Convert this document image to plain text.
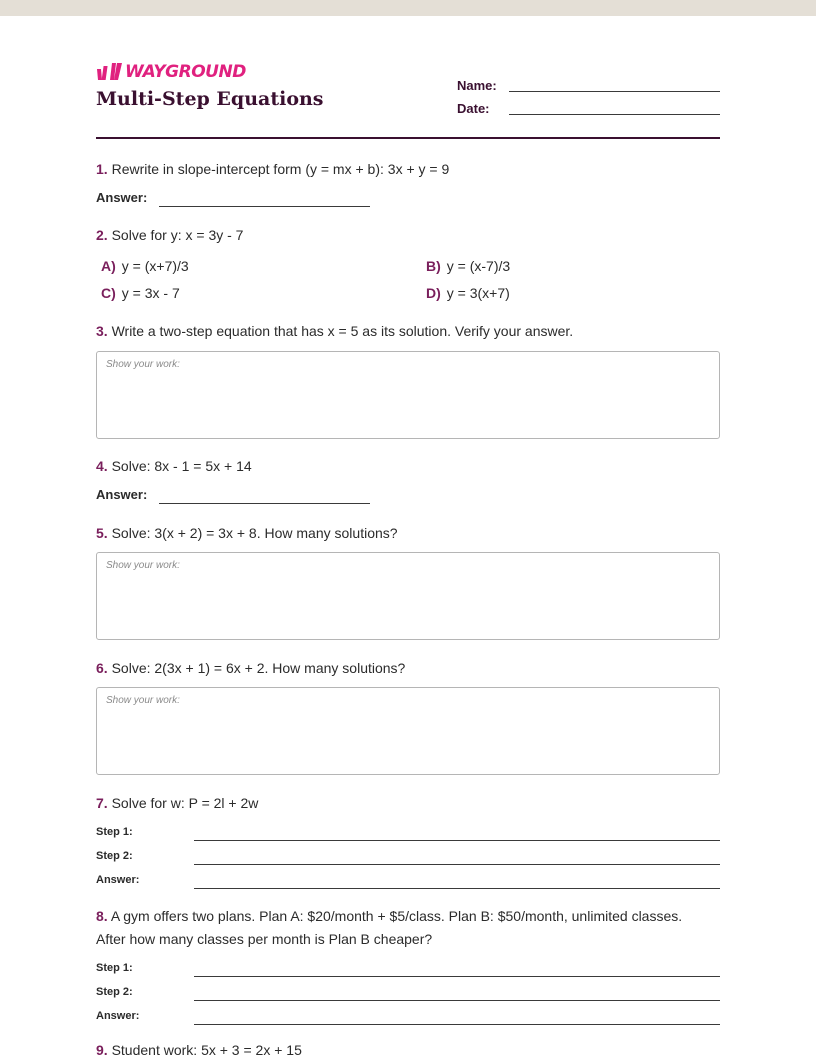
WAYGROUND
Multi-Step Equations
Name:
Date:
1. Rewrite in slope-intercept form (y = mx + b): 3x + y = 9
Answer:
2. Solve for y: x = 3y - 7
A) y = (x+7)/3	B) y = (x-7)/3
C) y = 3x - 7	D) y = 3(x+7)
3. Write a two-step equation that has x = 5 as its solution. Verify your answer.
Show your work:
4. Solve: 8x - 1 = 5x + 14
Answer:
5. Solve: 3(x + 2) = 3x + 8. How many solutions?
Show your work:
6. Solve: 2(3x + 1) = 6x + 2. How many solutions?
Show your work:
7. Solve for w: P = 2l + 2w
Step 1:
Step 2:
Answer:
8. A gym offers two plans. Plan A: $20/month + $5/class. Plan B: $50/month, unlimited classes.
After how many classes per month is Plan B cheaper?
Step 1:
Step 2:
Answer:
9. Student work: 5x + 3 = 2x + 15
